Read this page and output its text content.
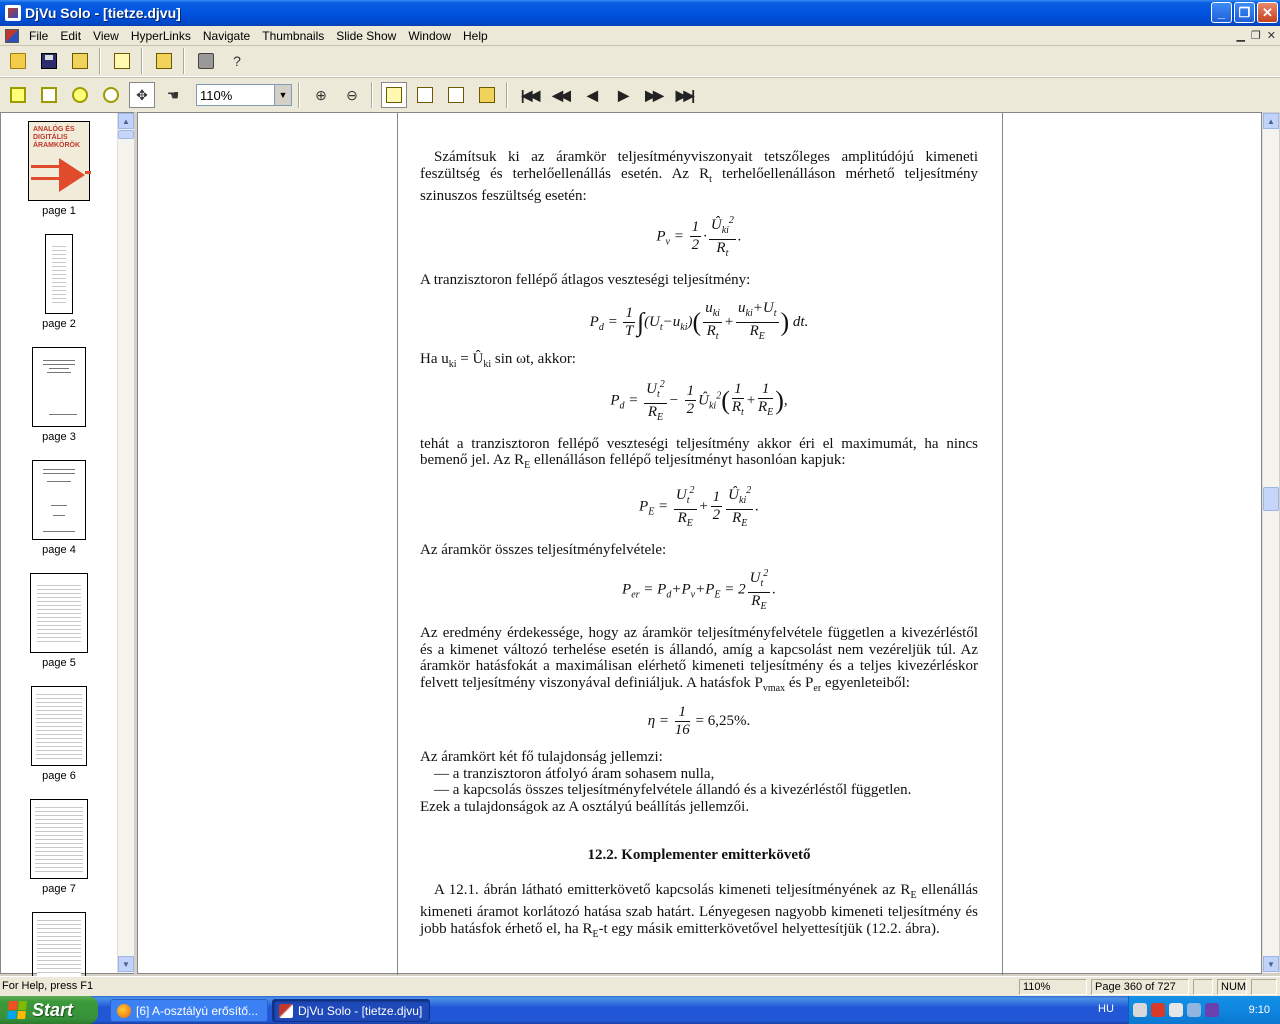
DjVu Solo - [tietze.djvu]	_	❐ ✕
File	Edit	View	HyperLinks	Navigate	Thumbnails	Slide Show	Window	Help	▁ ❐ ✕
?
✥ ☚ 110%	▼ ⊕ ⊖	|◀◀ ◀◀ ◀ ▶ ▶▶ ▶▶|
ANALÓG ÉS DIGITÁLIS ÁRAMKÖRÖK
page 1
page 2
page 3
page 4
page 5
page 6
page 7
▲
▼

Számítsuk ki az áramkör teljesítményviszonyait tetszőleges amplitúdójú kimeneti feszültség és terhelőellenállás esetén. Az $R_t$ terhelőellenálláson mérhető teljesítmény szinuszos feszültség esetén:

$P_v = \frac{1}{2} \cdot \frac{Û_{ki}^2}{R_t}$ .

A tranzisztoron fellépő átlagos veszteségi teljesítmény:

$P_d = \frac{1}{T} \int(U_t-u_{ki})( \frac{u_{ki}}{R_t} + \frac{u_{ki}+U_t}{R_E}$ ) dt.

Ha $u_{ki}$ = $Û_{ki}$ sin ωt, akkor:

$P_d = \frac{U_t^2}{R_E} - \frac{1}{2}$ $Û_{ki}^2( \frac{1}{R_t} + \frac{1}{R_E}$ ),

tehát a tranzisztoron fellépő veszteségi teljesítmény akkor éri el maximumát, ha nincs bemenő jel. Az $R_E$ ellenálláson fellépő teljesítményt hasonlóan kapjuk:

$P_E = \frac{U_t^2}{R_E} + \frac{1}{2} \frac{Û_{ki}^2}{R_E}$ .

Az áramkör összes teljesítményfelvétele:

$P_{er} = P_d+P_v+P_E = 2 \frac{U_t^2}{R_E}$ .

Az eredmény érdekessége, hogy az áramkör teljesítményfelvétele független a kivezérléstől és a kimenet változó terhelése esetén is állandó, amíg a kapcsolást nem vezéreljük túl. Az áramkör hatásfokát a maximálisan elérhető kimeneti teljesítmény és a teljes kivezérléskor felvett teljesítmény viszonyával definiáljuk. A hatásfok $P_{vmax}$ és $P_{er}$ egyenleteiből:

$\eta = \frac{1}{16} = 6,25\%$.

Az áramkört két fő tulajdonság jellemzi:

— a tranzisztoron átfolyó áram sohasem nulla,

— a kapcsolás összes teljesítményfelvétele állandó és a kivezérléstől független.

Ezek a tulajdonságok az A osztályú beállítás jellemzői.

12.2. Komplementer emitterkövető

A 12.1. ábrán látható emitterkövető kapcsolás kimeneti teljesítményének az $R_E$ ellenállás kimeneti áramot korlátozó hatása szab határt. Lényegesen nagyobb kimeneti teljesítmény és jobb hatásfok érhető el, ha $R_E-t$ egy másik emitterkövetővel helyettesítjük (12.2. ábra).

▲
▼
For Help, press F1	110%	Page 360 of 727	NUM
Start	[6] A-osztályú erősítő...	DjVu Solo - [tietze.djvu]	HU	9:10
